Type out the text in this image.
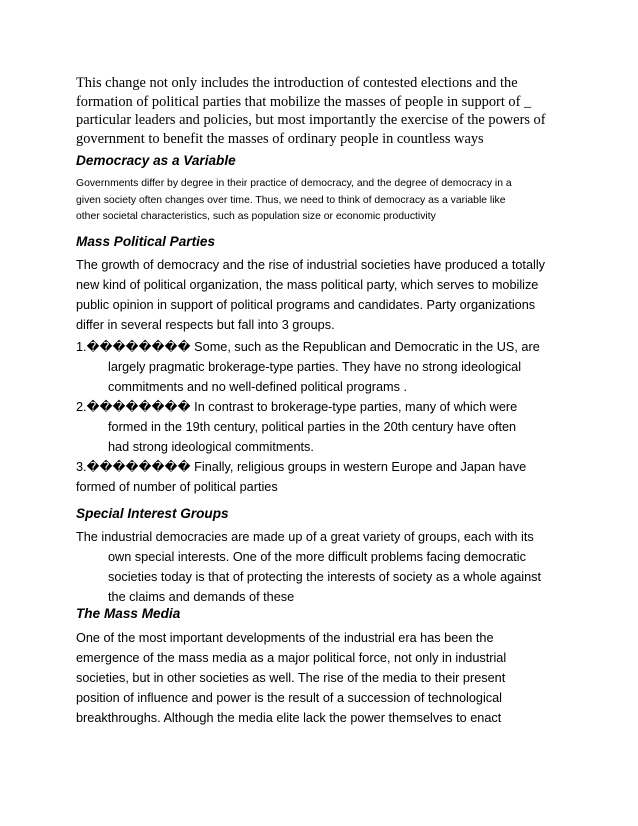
This change not only includes the introduction of contested elections and the
formation of political parties that mobilize the masses of people in support of _
particular leaders and policies, but most importantly the exercise of the powers of
government to benefit the masses of ordinary people in countless ways
Democracy as a Variable
Governments differ by degree in their practice of democracy, and the degree of democracy in a
given society often changes over time. Thus, we need to think of democracy as a variable like
other societal characteristics, such as population size or economic productivity
Mass Political Parties
The growth of democracy and the rise of industrial societies have produced a totally
new kind of political organization, the mass political party, which serves to mobilize
public opinion in support of political programs and candidates. Party organizations
differ in several respects but fall into 3 groups.
1.�������� Some, such as the Republican and Democratic in the US, are
largely pragmatic brokerage-type parties. They have no strong ideological
commitments and no well-defined political programs .
2.�������� In contrast to brokerage-type parties, many of which were
formed in the 19th century, political parties in the 20th century have often
had strong ideological commitments.
3.�������� Finally, religious groups in western Europe and Japan have
formed of number of political parties
Special Interest Groups
The industrial democracies are made up of a great variety of groups, each with its
own special interests. One of the more difficult problems facing democratic
societies today is that of protecting the interests of society as a whole against
the claims and demands of these
The Mass Media
One of the most important developments of the industrial era has been the
emergence of the mass media as a major political force, not only in industrial
societies, but in other societies as well. The rise of the media to their present
position of influence and power is the result of a succession of technological
breakthroughs. Although the media elite lack the power themselves to enact
